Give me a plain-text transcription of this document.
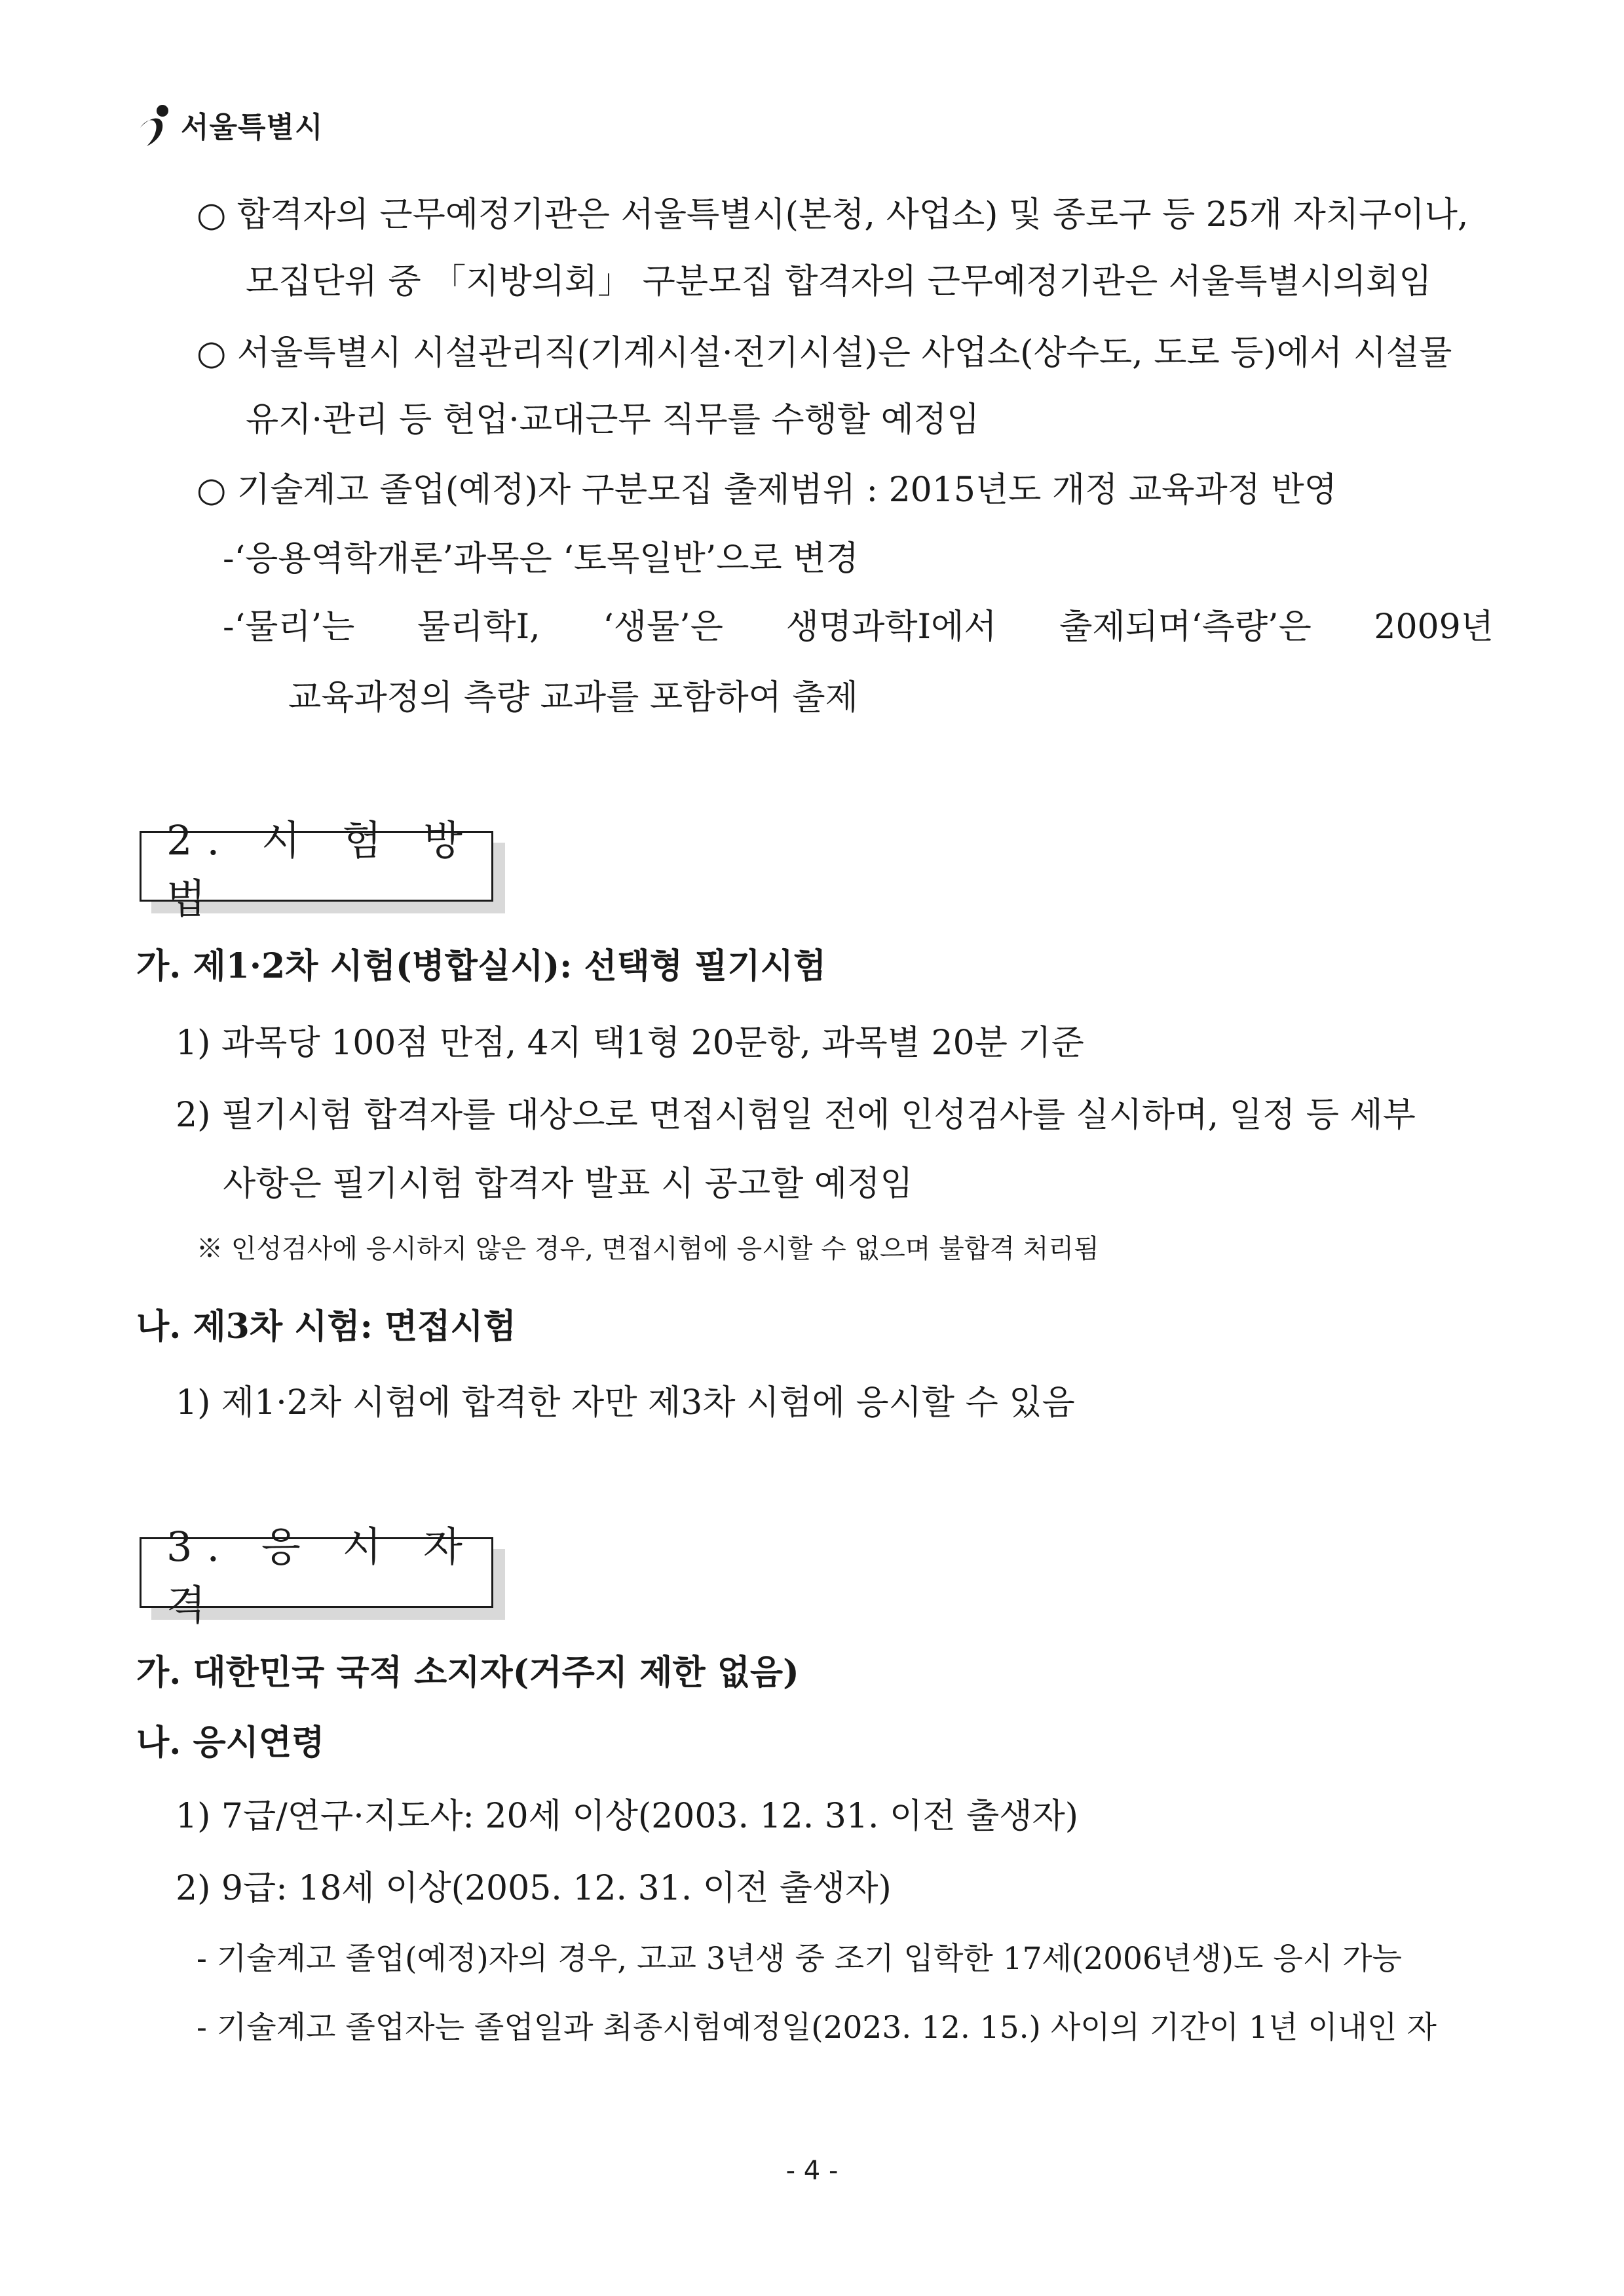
서울특별시
○ 합격자의 근무예정기관은 서울특별시(본청, 사업소) 및 종로구 등 25개 자치구이나,
모집단위 중 「지방의회」 구분모집 합격자의 근무예정기관은 서울특별시의회임
○ 서울특별시 시설관리직(기계시설·전기시설)은 사업소(상수도, 도로 등)에서 시설물
유지·관리 등 현업·교대근무 직무를 수행할 예정임
○ 기술계고 졸업(예정)자 구분모집 출제범위 : 2015년도 개정 교육과정 반영
-‘응용역학개론’과목은 ‘토목일반’으로 변경
-‘물리’는 물리학Ⅰ, ‘생물’은 생명과학Ⅰ에서 출제되며‘측량’은 2009년
교육과정의 측량 교과를 포함하여 출제
2. 시 험 방 법
가. 제1·2차 시험(병합실시): 선택형 필기시험
1) 과목당 100점 만점, 4지 택1형 20문항, 과목별 20분 기준
2) 필기시험 합격자를 대상으로 면접시험일 전에 인성검사를 실시하며, 일정 등 세부
사항은 필기시험 합격자 발표 시 공고할 예정임
※ 인성검사에 응시하지 않은 경우, 면접시험에 응시할 수 없으며 불합격 처리됨
나. 제3차 시험: 면접시험
1) 제1·2차 시험에 합격한 자만 제3차 시험에 응시할 수 있음
3. 응 시 자 격
가. 대한민국 국적 소지자(거주지 제한 없음)
나. 응시연령
1) 7급/연구·지도사: 20세 이상(2003. 12. 31. 이전 출생자)
2) 9급: 18세 이상(2005. 12. 31. 이전 출생자)
- 기술계고 졸업(예정)자의 경우, 고교 3년생 중 조기 입학한 17세(2006년생)도 응시 가능
- 기술계고 졸업자는 졸업일과 최종시험예정일(2023. 12. 15.) 사이의 기간이 1년 이내인 자
- 4 -
